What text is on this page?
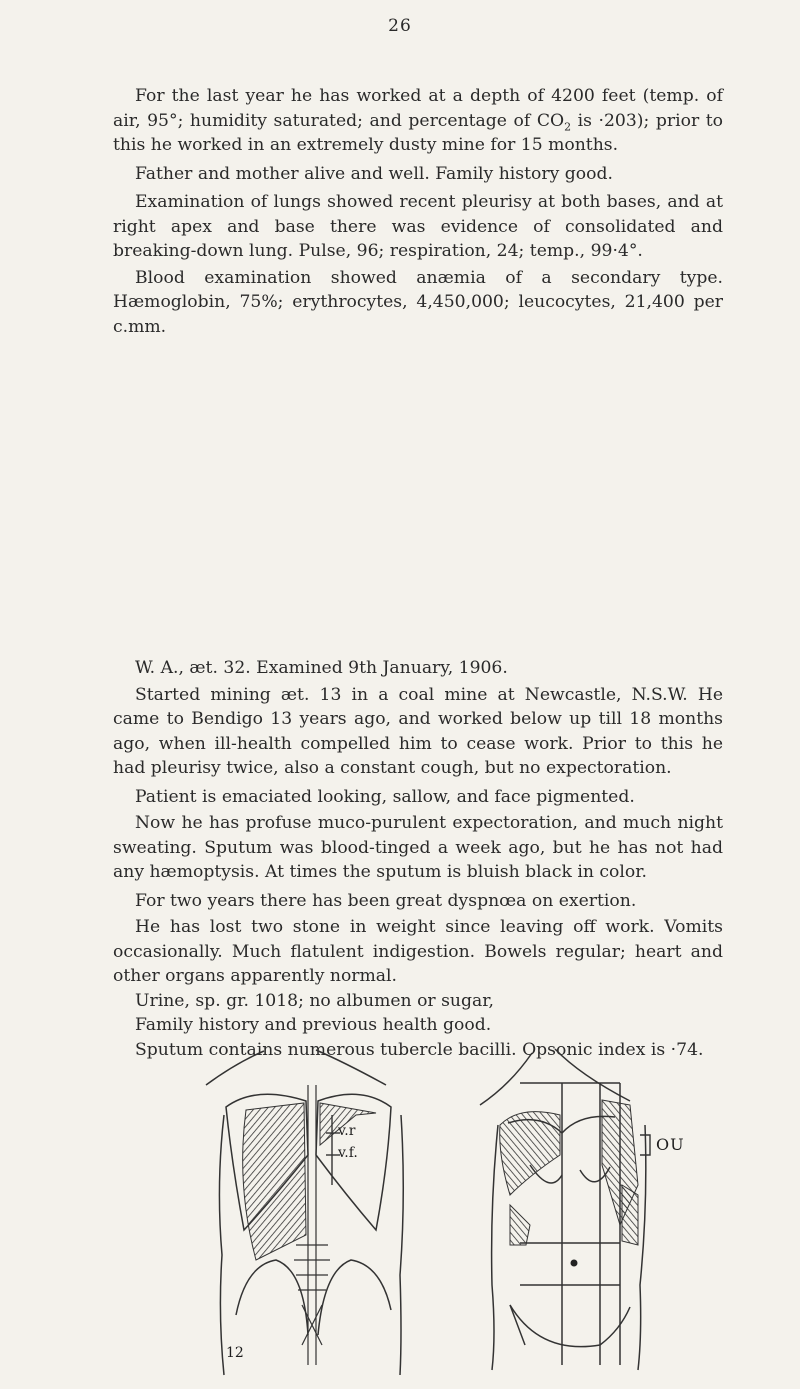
26

For the last year he has worked at a depth of 4200 feet (temp. of air, 95°; humidity saturated; and percentage of $CO_2$ is ·203); prior to this he worked in an extremely dusty mine for 15 months.

Father and mother alive and well. Family history good.

Examination of lungs showed recent pleurisy at both bases, and at right apex and base there was evidence of consolidated and breaking-down lung. Pulse, 96; respiration, 24; temp., 99·4°.

Blood examination showed anæmia of a secondary type. Hæmoglobin, 75%; erythrocytes, 4,450,000; leucocytes, 21,400 per c.mm.

W. A., æt. 32. Examined 9th January, 1906.

Started mining æt. 13 in a coal mine at Newcastle, N.S.W. He came to Bendigo 13 years ago, and worked below up till 18 months ago, when ill-health compelled him to cease work. Prior to this he had pleurisy twice, also a constant cough, but no expectoration.

Patient is emaciated looking, sallow, and face pigmented.

Now he has profuse muco-purulent expectoration, and much night sweating. Sputum was blood-tinged a week ago, but he has not had any hæmoptysis. At times the sputum is bluish black in color.

For two years there has been great dyspnœa on exertion.

He has lost two stone in weight since leaving off work. Vomits occasionally. Much flatulent indigestion. Bowels regular; heart and other organs apparently normal.

Urine, sp. gr. 1018; no albumen or sugar,

Family history and previous health good.

Sputum contains numerous tubercle bacilli. Opsonic index is ·74.

v.r
v.f.
12
OU
